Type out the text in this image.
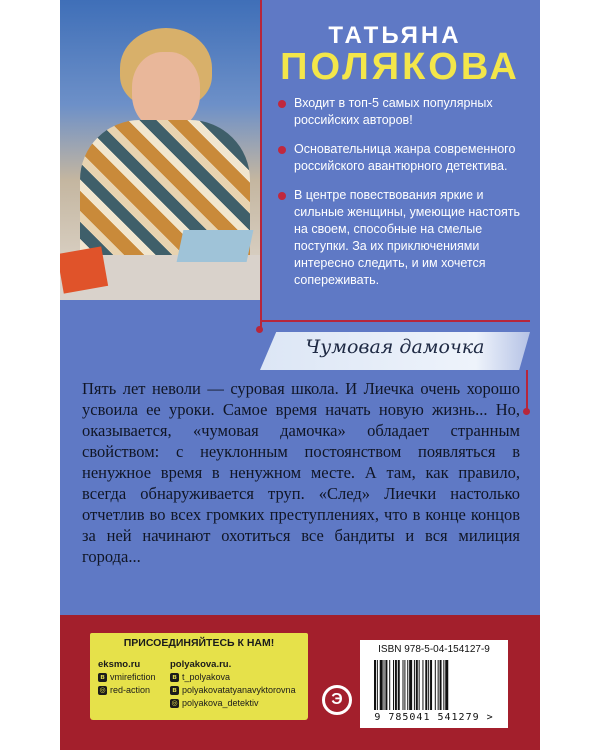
ТАТЬЯНА
ПОЛЯКОВА
Входит в топ-5 самых популярных российских авторов!
Основательница жанра современного российского авантюрного детектива.
В центре повествования яркие и сильные женщины, умеющие настоять на своем, способные на смелые поступки. За их приключениями интересно следить, и им хочется сопереживать.
Чумовая дамочка

Пять лет неволи — суровая школа. И Лиечка очень хорошо усвоила ее уроки. Самое время начать новую жизнь... Но, оказывается, «чумовая дамочка» обладает странным свойством: с неуклонным постоянством появляться в ненужное время в ненужном месте. А там, как правило, всегда обнаруживается труп. «След» Лиечки настолько отчетлив во всех громких преступлениях, что в конце концов за ней начинают охотиться все бандиты и вся милиция города...

ПРИСОЕДИНЯЙТЕСЬ К НАМ!
eksmo.ru
в vmirefiction
◎ red-action
polyakova.ru.
в t_polyakova
в polyakovatatyanavyktorovna
◎ polyakova_detektiv	Э
ISBN 978-5-04-154127-9
9 785041 541279 >
